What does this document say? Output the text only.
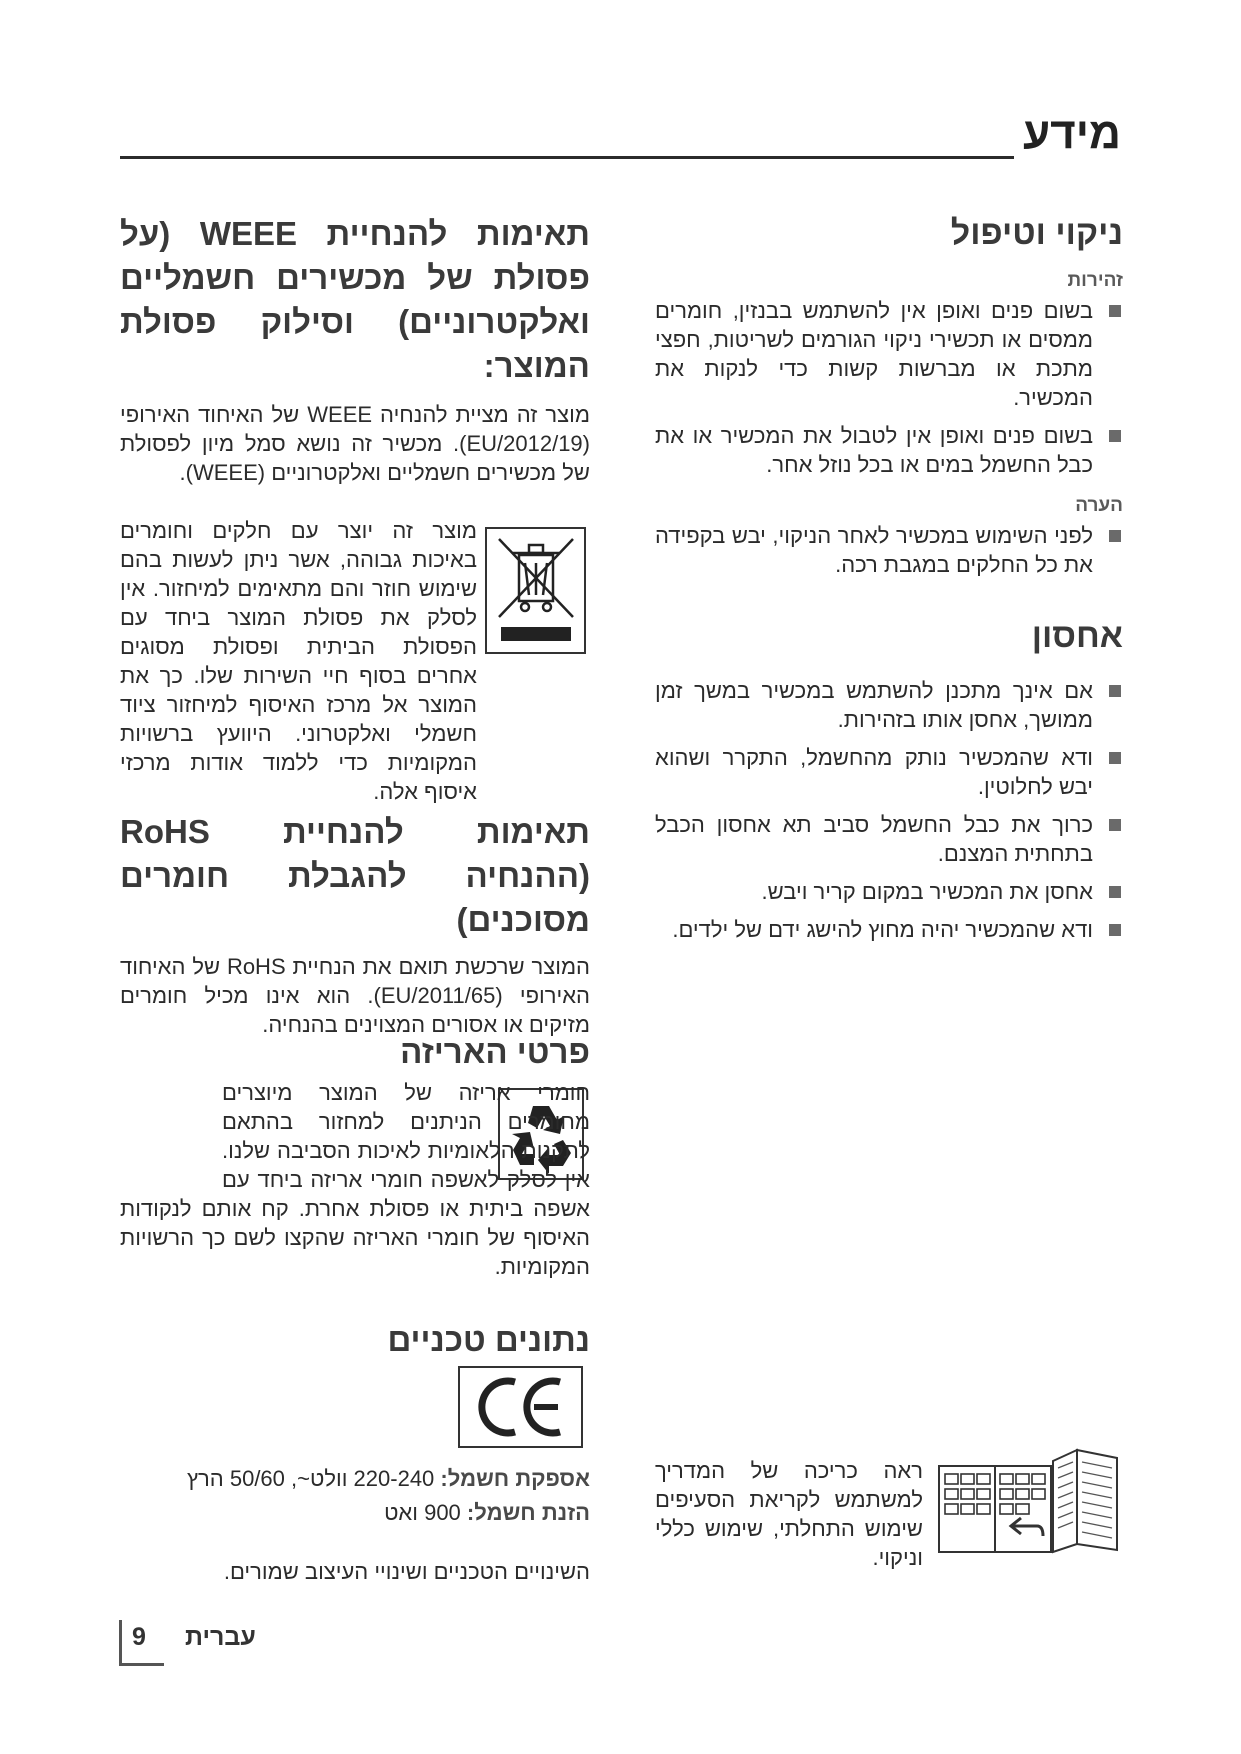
מידע
ניקוי וטיפול
זהירות
בשום פנים ואופן אין להשתמש בבנזין, חומרים ממסים או תכשירי ניקוי הגורמים לשריטות, חפצי מתכת או מברשות קשות כדי לנקות את המכשיר.
בשום פנים ואופן אין לטבול את המכשיר או את כבל החשמל במים או בכל נוזל אחר.
הערה
לפני השימוש במכשיר לאחר הניקוי, יבש בקפידה את כל החלקים במגבת רכה.
אחסון
אם אינך מתכנן להשתמש במכשיר במשך זמן ממושך, אחסן אותו בזהירות.
ודא שהמכשיר נותק מהחשמל, התקרר ושהוא יבש לחלוטין.
כרוך את כבל החשמל סביב תא אחסון הכבל בתחתית המצנם.
אחסן את המכשיר במקום קריר ויבש.
ודא שהמכשיר יהיה מחוץ להישג ידם של ילדים.
ראה כריכה של המדריך למשתמש לקריאת הסעיפים שימוש התחלתי, שימוש כללי וניקוי.
תאימות להנחיית WEEE (על פסולת של מכשירים חשמליים ואלקטרוניים) וסילוק פסולת המוצר:

מוצר זה מציית להנחיה WEEE של האיחוד האירופי (EU/2012/19). מכשיר זה נושא סמל מיון לפסולת של מכשירים חשמליים ואלקטרוניים (WEEE).

מוצר זה יוצר עם חלקים וחומרים באיכות גבוהה, אשר ניתן לעשות בהם שימוש חוזר והם מתאימים למיחזור. אין לסלק את פסולת המוצר ביחד עם הפסולת הביתית ופסולת מסוגים אחרים בסוף חיי השירות שלו. כך את המוצר אל מרכז האיסוף למיחזור ציוד חשמלי ואלקטרוני. היוועץ ברשויות המקומיות כדי ללמוד אודות מרכזי איסוף אלה.
תאימות להנחיית RoHS (ההנחיה להגבלת חומרים מסוכנים)

המוצר שרכשת תואם את הנחיית RoHS של האיחוד האירופי (EU/2011/65). הוא אינו מכיל חומרים מזיקים או אסורים המצוינים בהנחיה.

פרטי האריזה
חומרי אריזה של המוצר מיוצרים מחומרים הניתנים למחזור בהתאם לתקנות הלאומיות לאיכות הסביבה שלנו. אין לסלק לאשפה חומרי אריזה ביחד עם אשפה ביתית או פסולת אחרת. קח אותם לנקודות האיסוף של חומרי האריזה שהקצו לשם כך הרשויות המקומיות.
נתונים טכניים
אספקת חשמל: 220-240 וולט~, 50/60 הרץ
הזנת חשמל: 900 ואט
השינויים הטכניים ושינויי העיצוב שמורים.
9 עברית
